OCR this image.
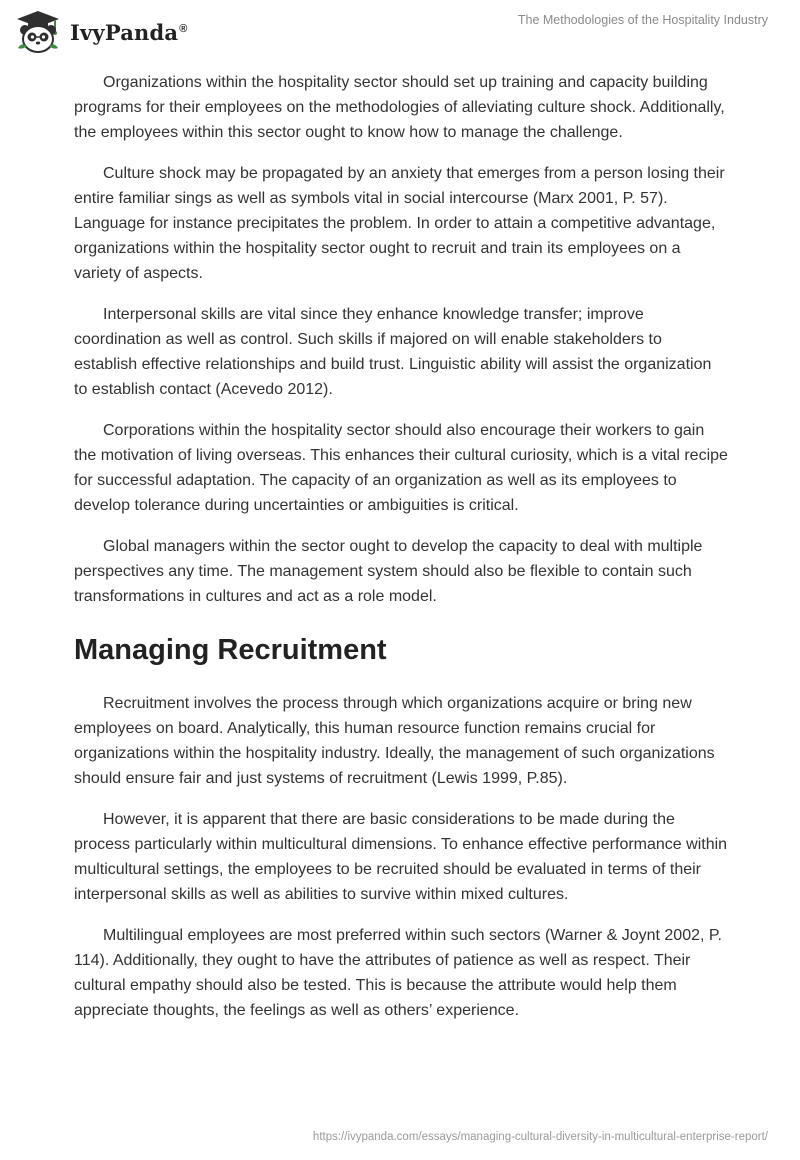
IvyPanda®
The Methodologies of the Hospitality Industry

Organizations within the hospitality sector should set up training and capacity building programs for their employees on the methodologies of alleviating culture shock. Additionally, the employees within this sector ought to know how to manage the challenge.

Culture shock may be propagated by an anxiety that emerges from a person losing their entire familiar sings as well as symbols vital in social intercourse (Marx 2001, P. 57). Language for instance precipitates the problem. In order to attain a competitive advantage, organizations within the hospitality sector ought to recruit and train its employees on a variety of aspects.

Interpersonal skills are vital since they enhance knowledge transfer; improve coordination as well as control. Such skills if majored on will enable stakeholders to establish effective relationships and build trust. Linguistic ability will assist the organization to establish contact (Acevedo 2012).

Corporations within the hospitality sector should also encourage their workers to gain the motivation of living overseas. This enhances their cultural curiosity, which is a vital recipe for successful adaptation. The capacity of an organization as well as its employees to develop tolerance during uncertainties or ambiguities is critical.

Global managers within the sector ought to develop the capacity to deal with multiple perspectives any time. The management system should also be flexible to contain such transformations in cultures and act as a role model.

Managing Recruitment

Recruitment involves the process through which organizations acquire or bring new employees on board. Analytically, this human resource function remains crucial for organizations within the hospitality industry. Ideally, the management of such organizations should ensure fair and just systems of recruitment (Lewis 1999, P.85).

However, it is apparent that there are basic considerations to be made during the process particularly within multicultural dimensions. To enhance effective performance within multicultural settings, the employees to be recruited should be evaluated in terms of their interpersonal skills as well as abilities to survive within mixed cultures.

Multilingual employees are most preferred within such sectors (Warner & Joynt 2002, P. 114). Additionally, they ought to have the attributes of patience as well as respect. Their cultural empathy should also be tested. This is because the attribute would help them appreciate thoughts, the feelings as well as others’ experience.

https://ivypanda.com/essays/managing-cultural-diversity-in-multicultural-enterprise-report/
